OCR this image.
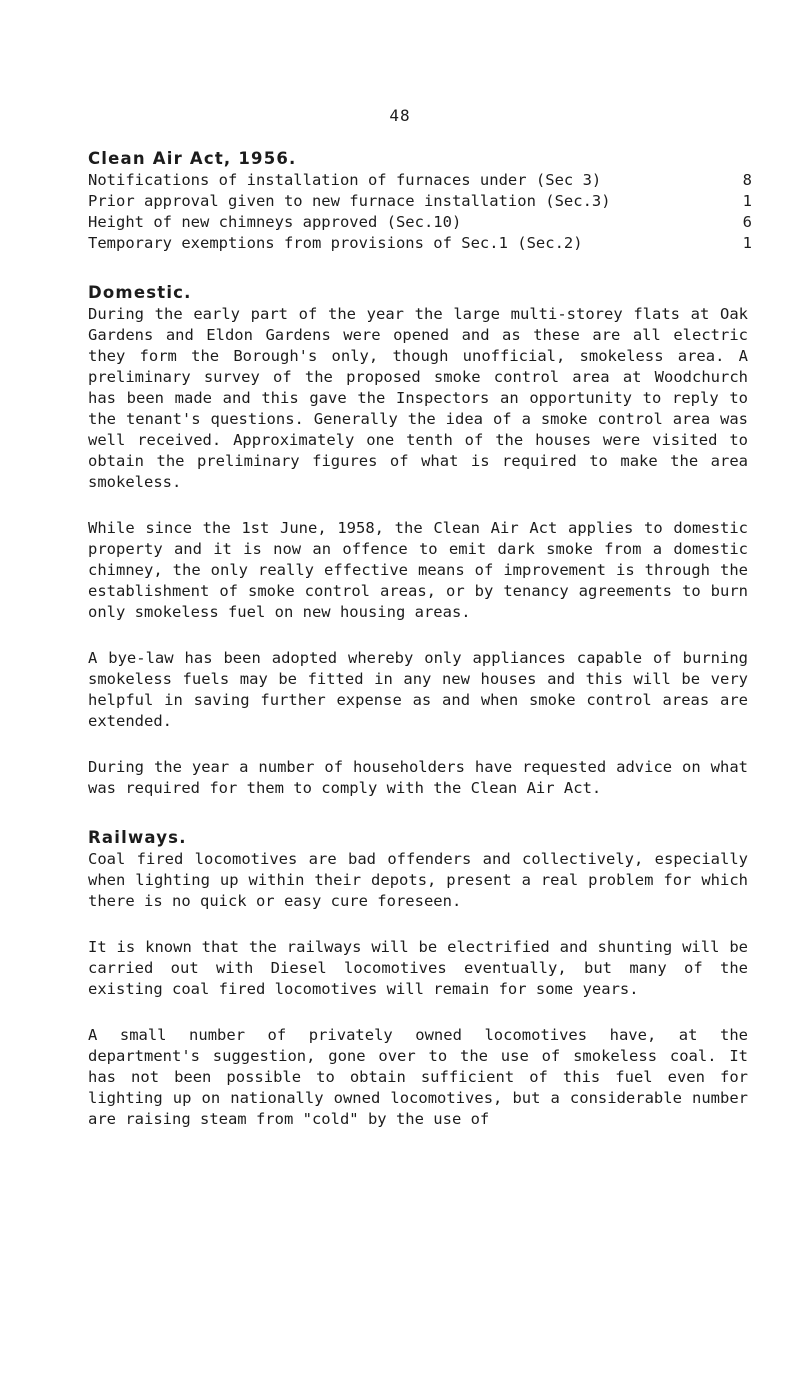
48
Clean Air Act, 1956.
Notifications of installation of furnaces under (Sec 3)	8
Prior approval given to new furnace installation (Sec.3)	1
Height of new chimneys approved (Sec.10)	6
Temporary exemptions from provisions of Sec.1 (Sec.2)	1
Domestic.

During the early part of the year the large multi-storey flats at Oak Gardens and Eldon Gardens were opened and as these are all electric they form the Borough's only, though unofficial, smokeless area. A preliminary survey of the proposed smoke control area at Woodchurch has been made and this gave the Inspectors an opportunity to reply to the tenant's questions. Generally the idea of a smoke control area was well received. Approximately one tenth of the houses were visited to obtain the preliminary figures of what is required to make the area smokeless.

While since the 1st June, 1958, the Clean Air Act applies to domestic property and it is now an offence to emit dark smoke from a domestic chimney, the only really effective means of improvement is through the establishment of smoke control areas, or by tenancy agreements to burn only smokeless fuel on new housing areas.

A bye-law has been adopted whereby only appliances capable of burning smokeless fuels may be fitted in any new houses and this will be very helpful in saving further expense as and when smoke control areas are extended.

During the year a number of householders have requested advice on what was required for them to comply with the Clean Air Act.

Railways.

Coal fired locomotives are bad offenders and collectively, especially when lighting up within their depots, present a real problem for which there is no quick or easy cure foreseen.

It is known that the railways will be electrified and shunting will be carried out with Diesel locomotives eventually, but many of the existing coal fired locomotives will remain for some years.

A small number of privately owned locomotives have, at the department's suggestion, gone over to the use of smokeless coal. It has not been possible to obtain sufficient of this fuel even for lighting up on nationally owned locomotives, but a considerable number are raising steam from "cold" by the use of
